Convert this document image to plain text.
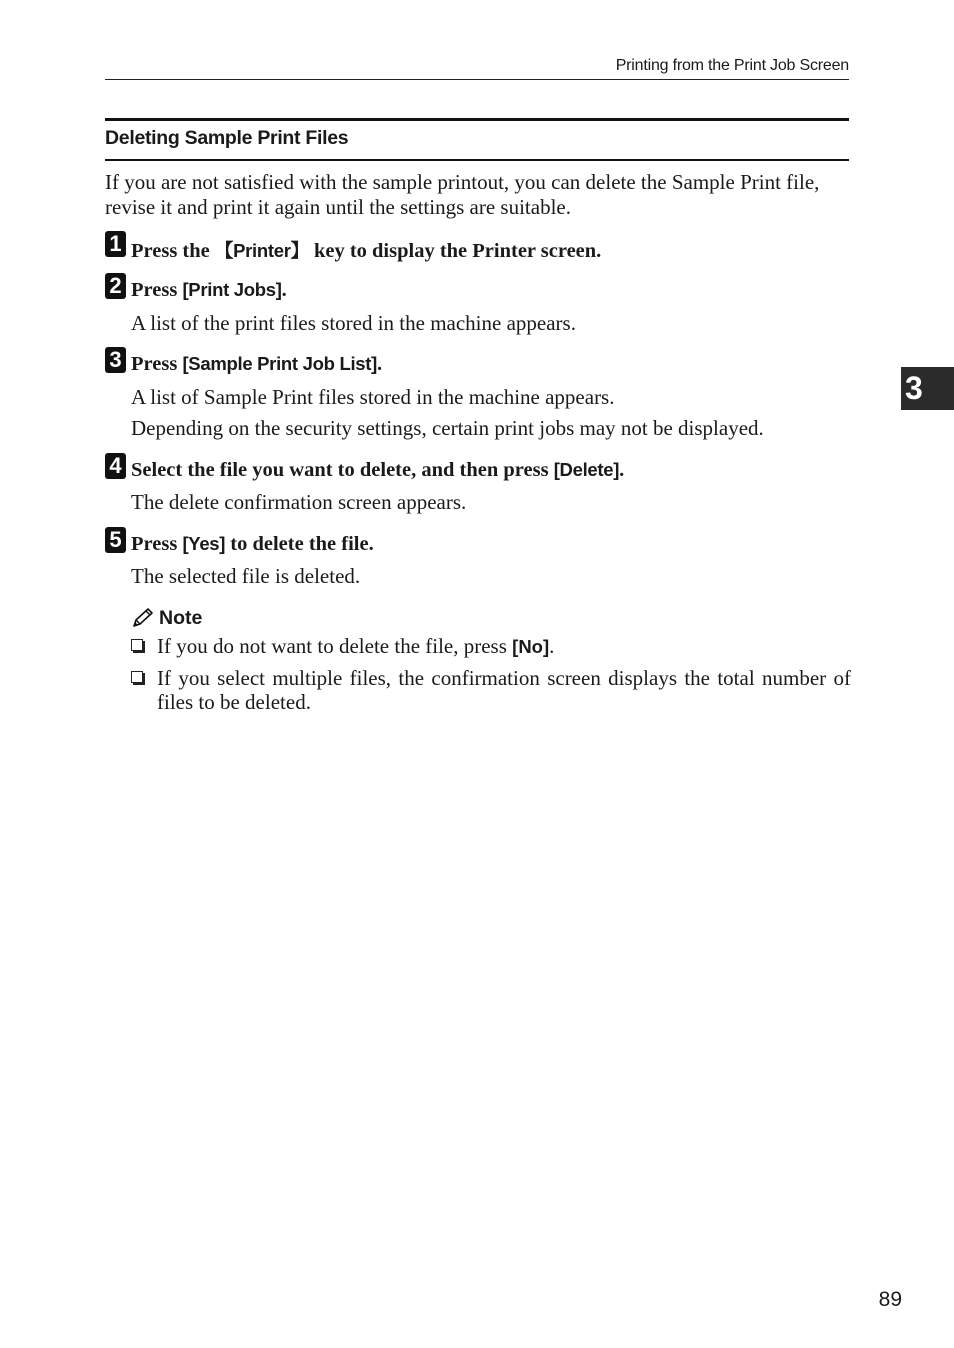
Printing from the Print Job Screen
Deleting Sample Print Files

If you are not satisfied with the sample printout, you can delete the Sample Print file, revise it and print it again until the settings are suitable.

1 Press the 【Printer】 key to display the Printer screen.
2 Press [Print Jobs].

A list of the print files stored in the machine appears.

3 Press [Sample Print Job List].

A list of Sample Print files stored in the machine appears.

Depending on the security settings, certain print jobs may not be displayed.

4 Select the file you want to delete, and then press [Delete].

The delete confirmation screen appears.

5 Press [Yes] to delete the file.

The selected file is deleted.

Note
If you do not want to delete the file, press [No].
If you select multiple files, the confirmation screen displays the total number of files to be deleted.
3
89
